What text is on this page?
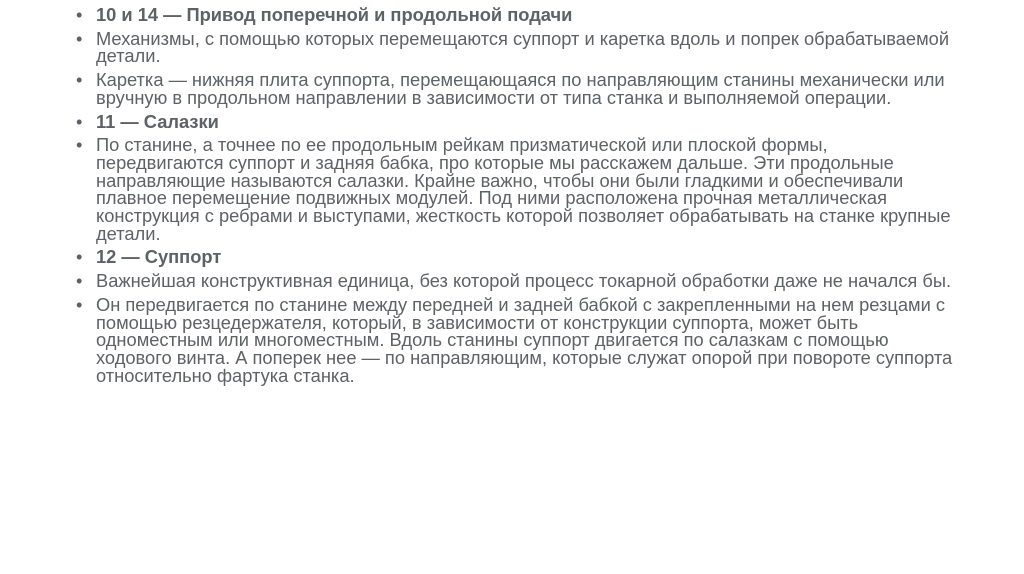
• 10 и 14 — Привод поперечной и продольной подачи
• Механизмы, с помощью которых перемещаются суппорт и каретка вдоль и попрек обрабатываемой детали.
• Каретка — нижняя плита суппорта, перемещающаяся по направляющим станины механически или вручную в продольном направлении в зависимости от типа станка и выполняемой операции.
• 11 — Салазки
• По станине, а точнее по ее продольным рейкам призматической или плоской формы, передвигаются суппорт и задняя бабка, про которые мы расскажем дальше. Эти продольные направляющие называются салазки. Крайне важно, чтобы они были гладкими и обеспечивали плавное перемещение подвижных модулей. Под ними расположена прочная металлическая конструкция с ребрами и выступами, жесткость которой позволяет обрабатывать на станке крупные детали.
• 12 — Суппорт
• Важнейшая конструктивная единица, без которой процесс токарной обработки даже не начался бы.
• Он передвигается по станине между передней и задней бабкой с закрепленными на нем резцами с помощью резцедержателя, который, в зависимости от конструкции суппорта, может быть одноместным или многоместным. Вдоль станины суппорт двигается по салазкам с помощью ходового винта. А поперек нее — по направляющим, которые служат опорой при повороте суппорта относительно фартука станка.
